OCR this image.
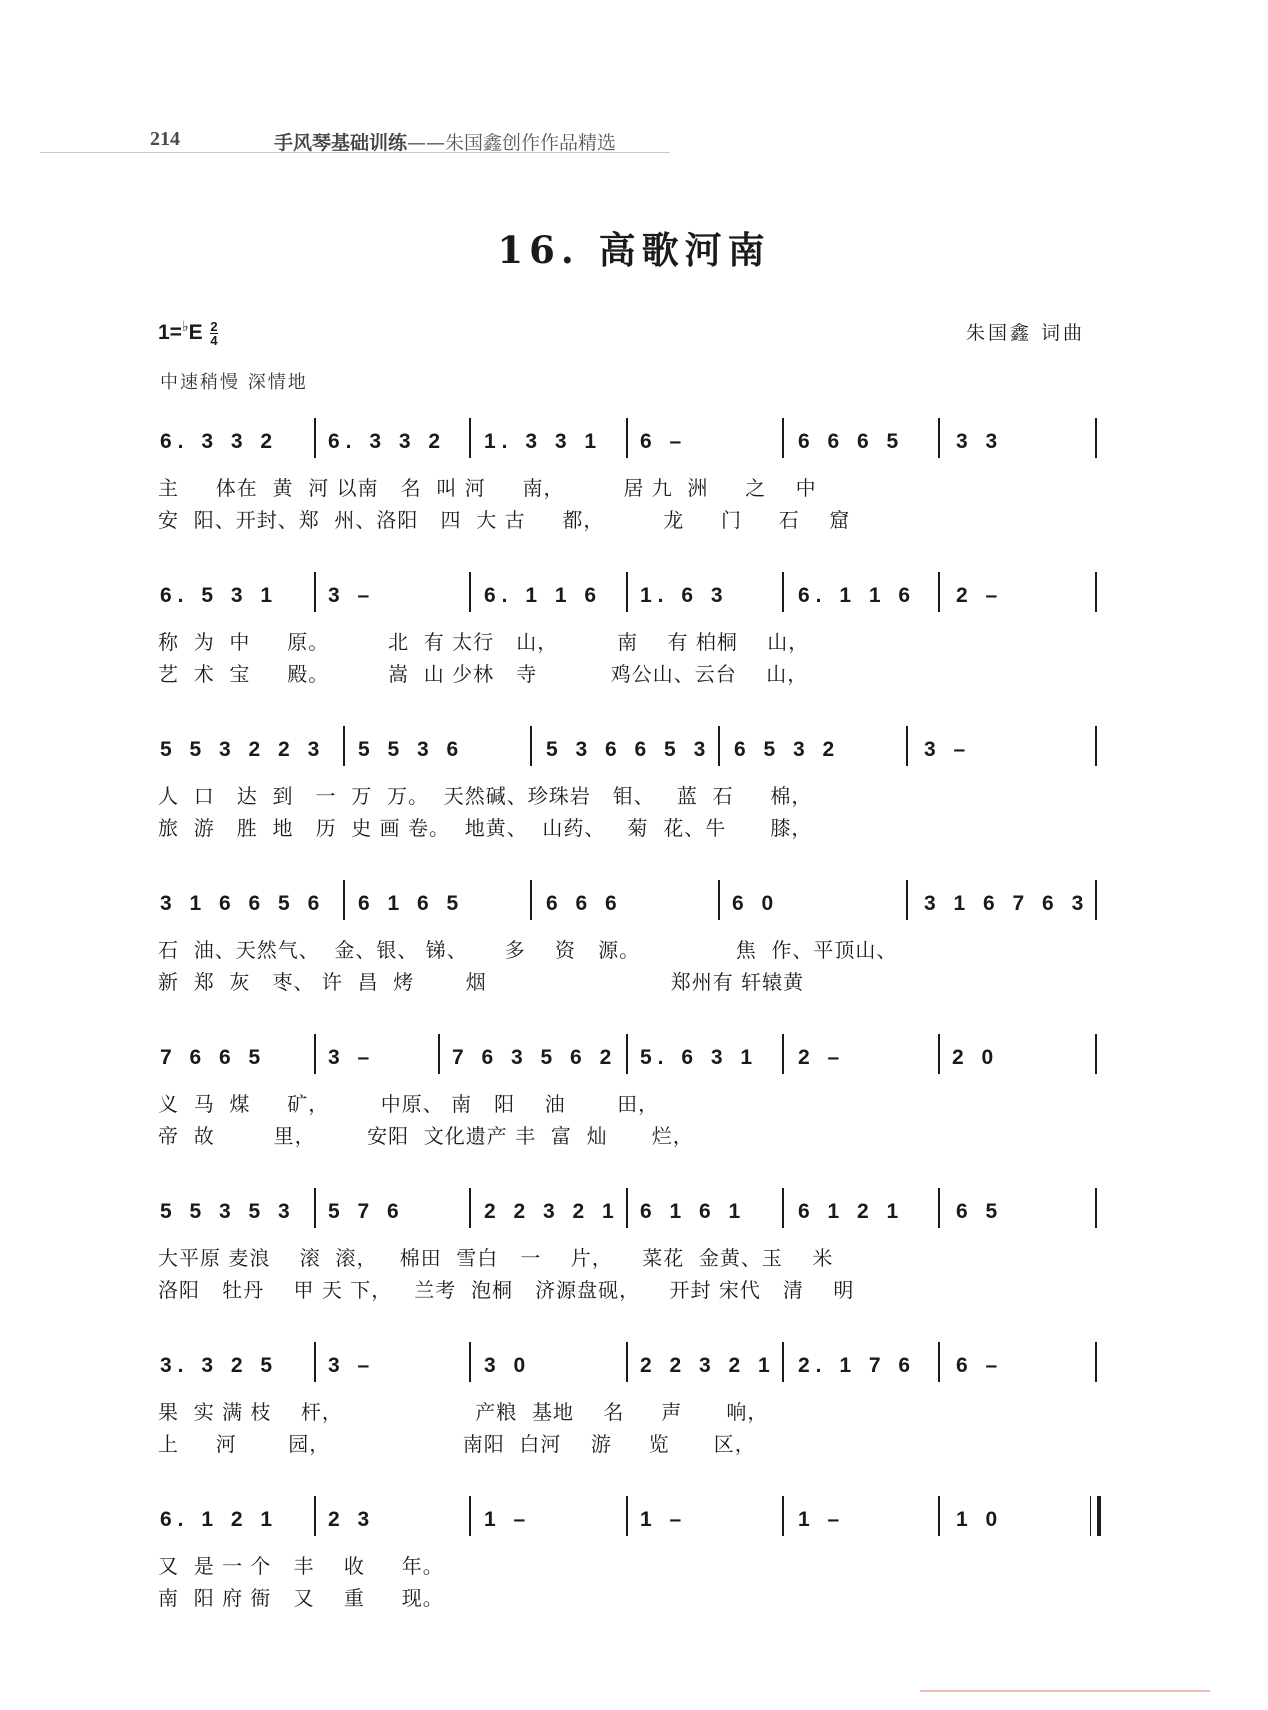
214	手风琴基础训练——朱国鑫创作作品精选
16. 高歌河南
$1=^♭E \frac{2}{4}$	朱国鑫 词曲
中速稍慢 深情地
6. 3 3 2 6. 3 3 2 1. 3 3 1 6 –	6 6 6 5 3 3
主     体在  黄  河 以南   名  叫 河     南，        居 九  洲     之    中
安  阳、开封、郑  州、洛阳   四  大 古     都，        龙     门     石    窟
6. 5 3 1 3 –	6. 1 1 6 1. 6 3	6. 1 1 6 2 –
称  为  中     原。        北  有 太行   山，        南    有 柏桐    山，
艺  术  宝     殿。        嵩  山 少林   寺          鸡公山、云台    山，
5 5 3 2 2 3 5 5 3 6	5 3 6 6 5 3 6 5 3 2	3 –
人  口   达  到   一  万  万。  天然碱、珍珠岩   钼、   蓝  石     棉，
旅  游   胜  地   历  史 画 卷。  地黄、  山药、   菊  花、牛      膝，
3 1 6 6 5 6 6 1 6 5	6 6 6	6 0	3 1 6 7 6 3
石  油、天然气、  金、银、 锑、     多    资   源。             焦  作、平顶山、
新  郑  灰   枣、 许  昌  烤       烟                         郑州有 轩辕黄
7 6 6 5	3 –	7 6 3 5 6 2 5. 6 3 1 2 –	2 0
义  马  煤     矿，       中原、 南   阳    油       田，
帝  故        里，       安阳  文化遗产 丰  富  灿      烂，
5 5 3 5 3 5 7 6	2 2 3 2 1 6 1 6 1 6 1 2 1 6 5
大平原 麦浪    滚  滚，   棉田  雪白   一    片，    菜花  金黄、玉    米
洛阳   牡丹    甲 天 下，   兰考  泡桐   济源盘砚，    开封 宋代   清    明
3. 3 2 5 3 –	3 0	2 2 3 2 1 2. 1 7 6 6 –
果  实 满 枝    杆，                  产粮  基地    名     声      响，
上     河       园，                  南阳  白河    游     览      区，
6. 1 2 1 2 3	1 –	1 –	1 –	1 0
又  是 一 个   丰    收     年。
南  阳 府 衙   又    重     现。
